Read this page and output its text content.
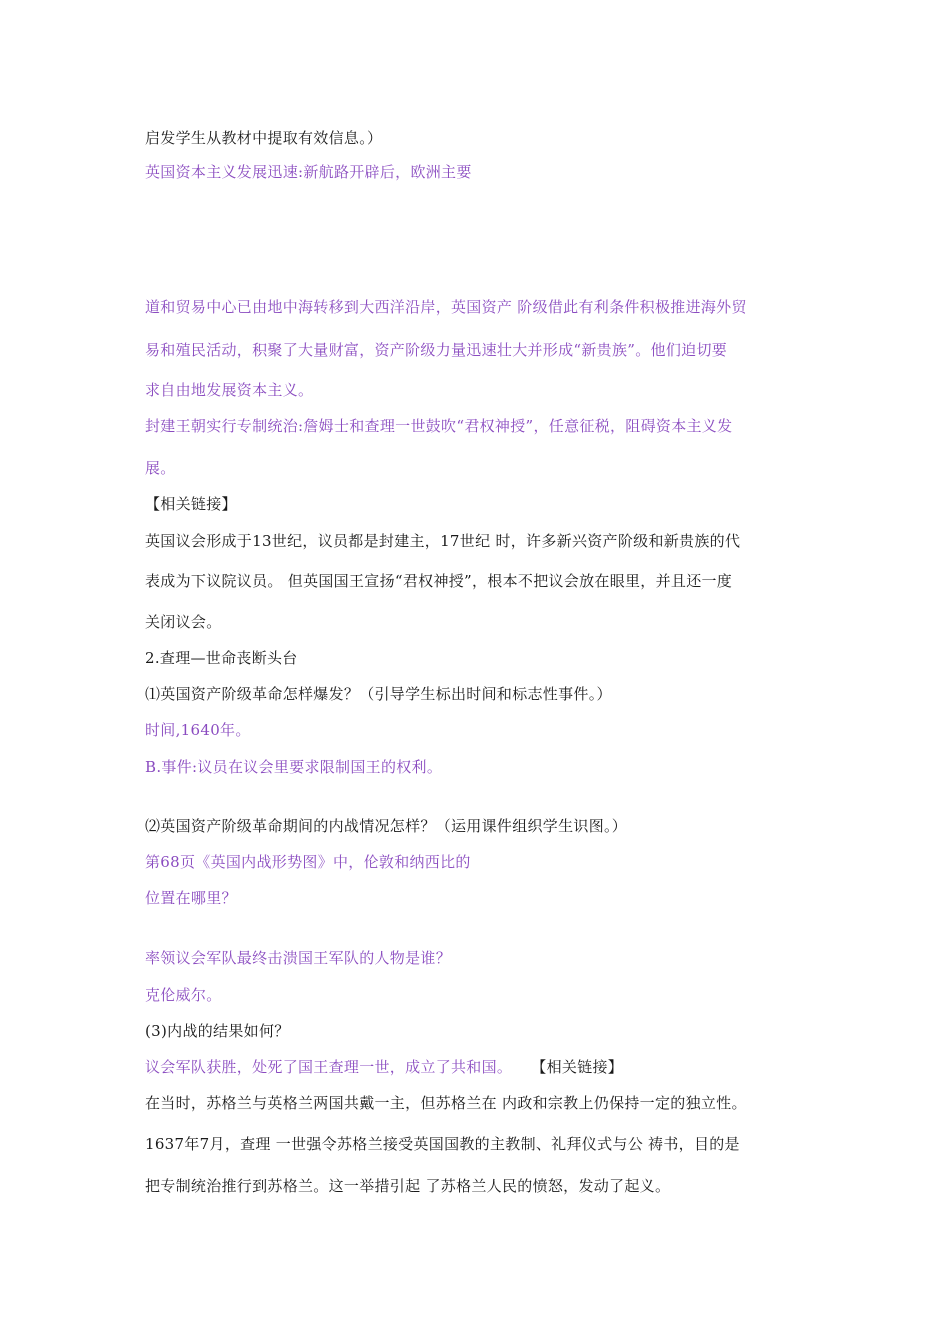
启发学生从教材中提取有效信息。）
英国资本主义发展迅速:新航路开辟后，欧洲主要
道和贸易中心已由地中海转移到大西洋沿岸，英国资产 阶级借此有利条件积极推进海外贸
易和殖民活动，积聚了大量财富，资产阶级力量迅速壮大并形成“新贵族”。他们迫切要
求自由地发展资本主义。
封建王朝实行专制统治:詹姆士和查理一世鼓吹“君权神授”，任意征税，阻碍资本主义发
展。
【相关链接】
英国议会形成于13世纪，议员都是封建主，17世纪 时，许多新兴资产阶级和新贵族的代
表成为下议院议员。 但英国国王宣扬“君权神授”，根本不把议会放在眼里，并且还一度
关闭议会。
2.查理—世命丧断头台
⑴英国资产阶级革命怎样爆发？（引导学生标出时间和标志性事件。）
时间,1640年。
B.事件:议员在议会里要求限制国王的权利。
⑵英国资产阶级革命期间的内战情况怎样？（运用课件组织学生识图。）
第68页《英国内战形势图》中，伦敦和纳西比的
位置在哪里？
率领议会军队最终击溃国王军队的人物是谁？
克伦威尔。
(3)内战的结果如何？
议会军队获胜，处死了国王查理一世，成立了共和国。 【相关链接】
在当时，苏格兰与英格兰两国共戴一主，但苏格兰在 内政和宗教上仍保持一定的独立性。
1637年7月，查理 一世强令苏格兰接受英国国教的主教制、礼拜仪式与公 祷书，目的是
把专制统治推行到苏格兰。这一举措引起 了苏格兰人民的愤怒，发动了起义。
